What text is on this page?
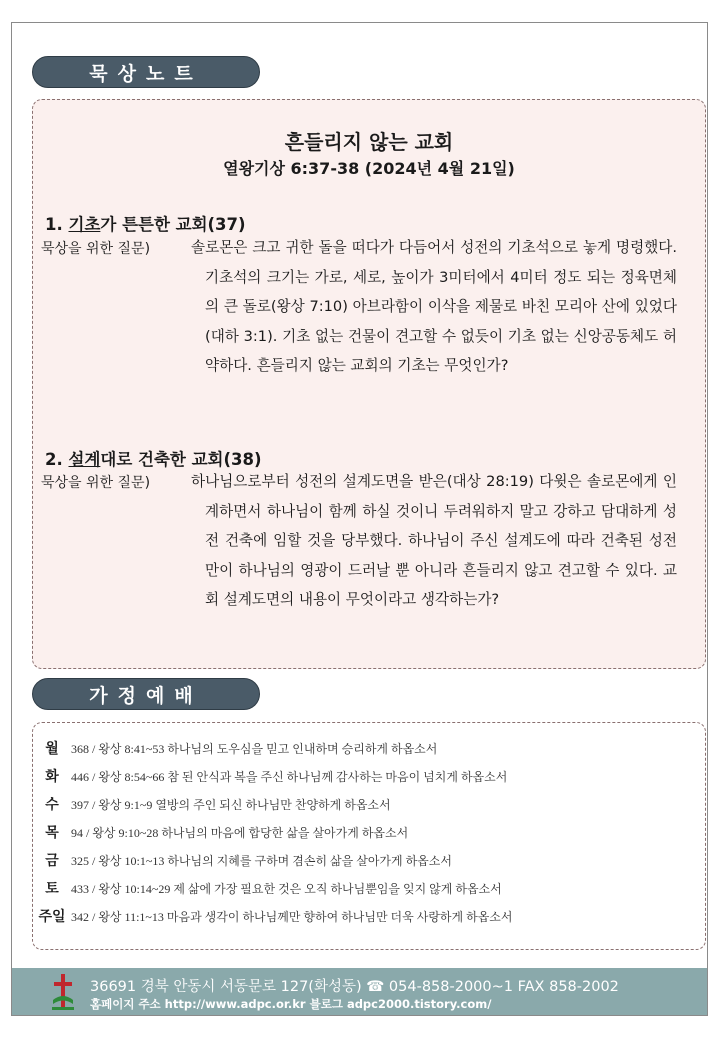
묵상노트
흔들리지 않는 교회
열왕기상 6:37-38 (2024년 4월 21일)
1. 기초가 튼튼한 교회(37)
묵상을 위한 질문)	솔로몬은 크고 귀한 돌을 떠다가 다듬어서 성전의 기초석으로 놓게 명령했다. 기초석의 크기는 가로, 세로, 높이가 3미터에서 4미터 정도 되는 정육면체의 큰 돌로(왕상 7:10) 아브라함이 이삭을 제물로 바친 모리아 산에 있었다(대하 3:1). 기초 없는 건물이 견고할 수 없듯이 기초 없는 신앙공동체도 허약하다. 흔들리지 않는 교회의 기초는 무엇인가?
2. 설계대로 건축한 교회(38)
묵상을 위한 질문)	하나님으로부터 성전의 설계도면을 받은(대상 28:19) 다윗은 솔로몬에게 인계하면서 하나님이 함께 하실 것이니 두려워하지 말고 강하고 담대하게 성전 건축에 임할 것을 당부했다. 하나님이 주신 설계도에 따라 건축된 성전만이 하나님의 영광이 드러날 뿐 아니라 흔들리지 않고 견고할 수 있다. 교회 설계도면의 내용이 무엇이라고 생각하는가?
가정예배
월	368 / 왕상 8:41~53 하나님의 도우심을 믿고 인내하며 승리하게 하옵소서
화	446 / 왕상 8:54~66 참 된 안식과 복을 주신 하나님께 감사하는 마음이 넘치게 하옵소서
수	397 / 왕상 9:1~9 열방의 주인 되신 하나님만 찬양하게 하옵소서
목	94 / 왕상 9:10~28 하나님의 마음에 합당한 삶을 살아가게 하옵소서
금	325 / 왕상 10:1~13 하나님의 지혜를 구하며 겸손히 삶을 살아가게 하옵소서
토	433 / 왕상 10:14~29 제 삶에 가장 필요한 것은 오직 하나님뿐임을 잊지 않게 하옵소서
주일 342 / 왕상 11:1~13 마음과 생각이 하나님께만 향하여 하나님만 더욱 사랑하게 하옵소서
36691 경북 안동시 서동문로 127(화성동) ☎ 054-858-2000~1 FAX 858-2002
홈페이지 주소 http://www.adpc.or.kr 블로그 adpc2000.tistory.com/
